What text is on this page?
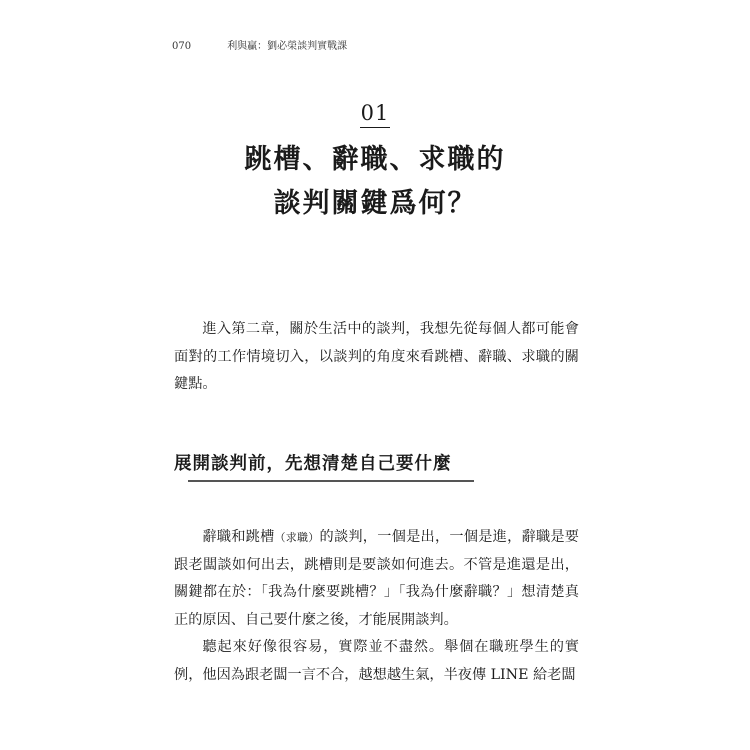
070	利與贏：劉必榮談判實戰課
01
跳槽、辭職、求職的
談判關鍵爲何？

進入第二章，關於生活中的談判，我想先從每個人都可能會面對的工作情境切入，以談判的角度來看跳槽、辭職、求職的關鍵點。

展開談判前，先想清楚自己要什麼

辭職和跳槽（求職）的談判，一個是出，一個是進，辭職是要跟老闆談如何出去，跳槽則是要談如何進去。不管是進還是出，關鍵都在於：「我為什麼要跳槽？」「我為什麼辭職？」想清楚真正的原因、自己要什麼之後，才能展開談判。

聽起來好像很容易，實際並不盡然。舉個在職班學生的實例，他因為跟老闆一言不合，越想越生氣，半夜傳 LINE 給老闆
